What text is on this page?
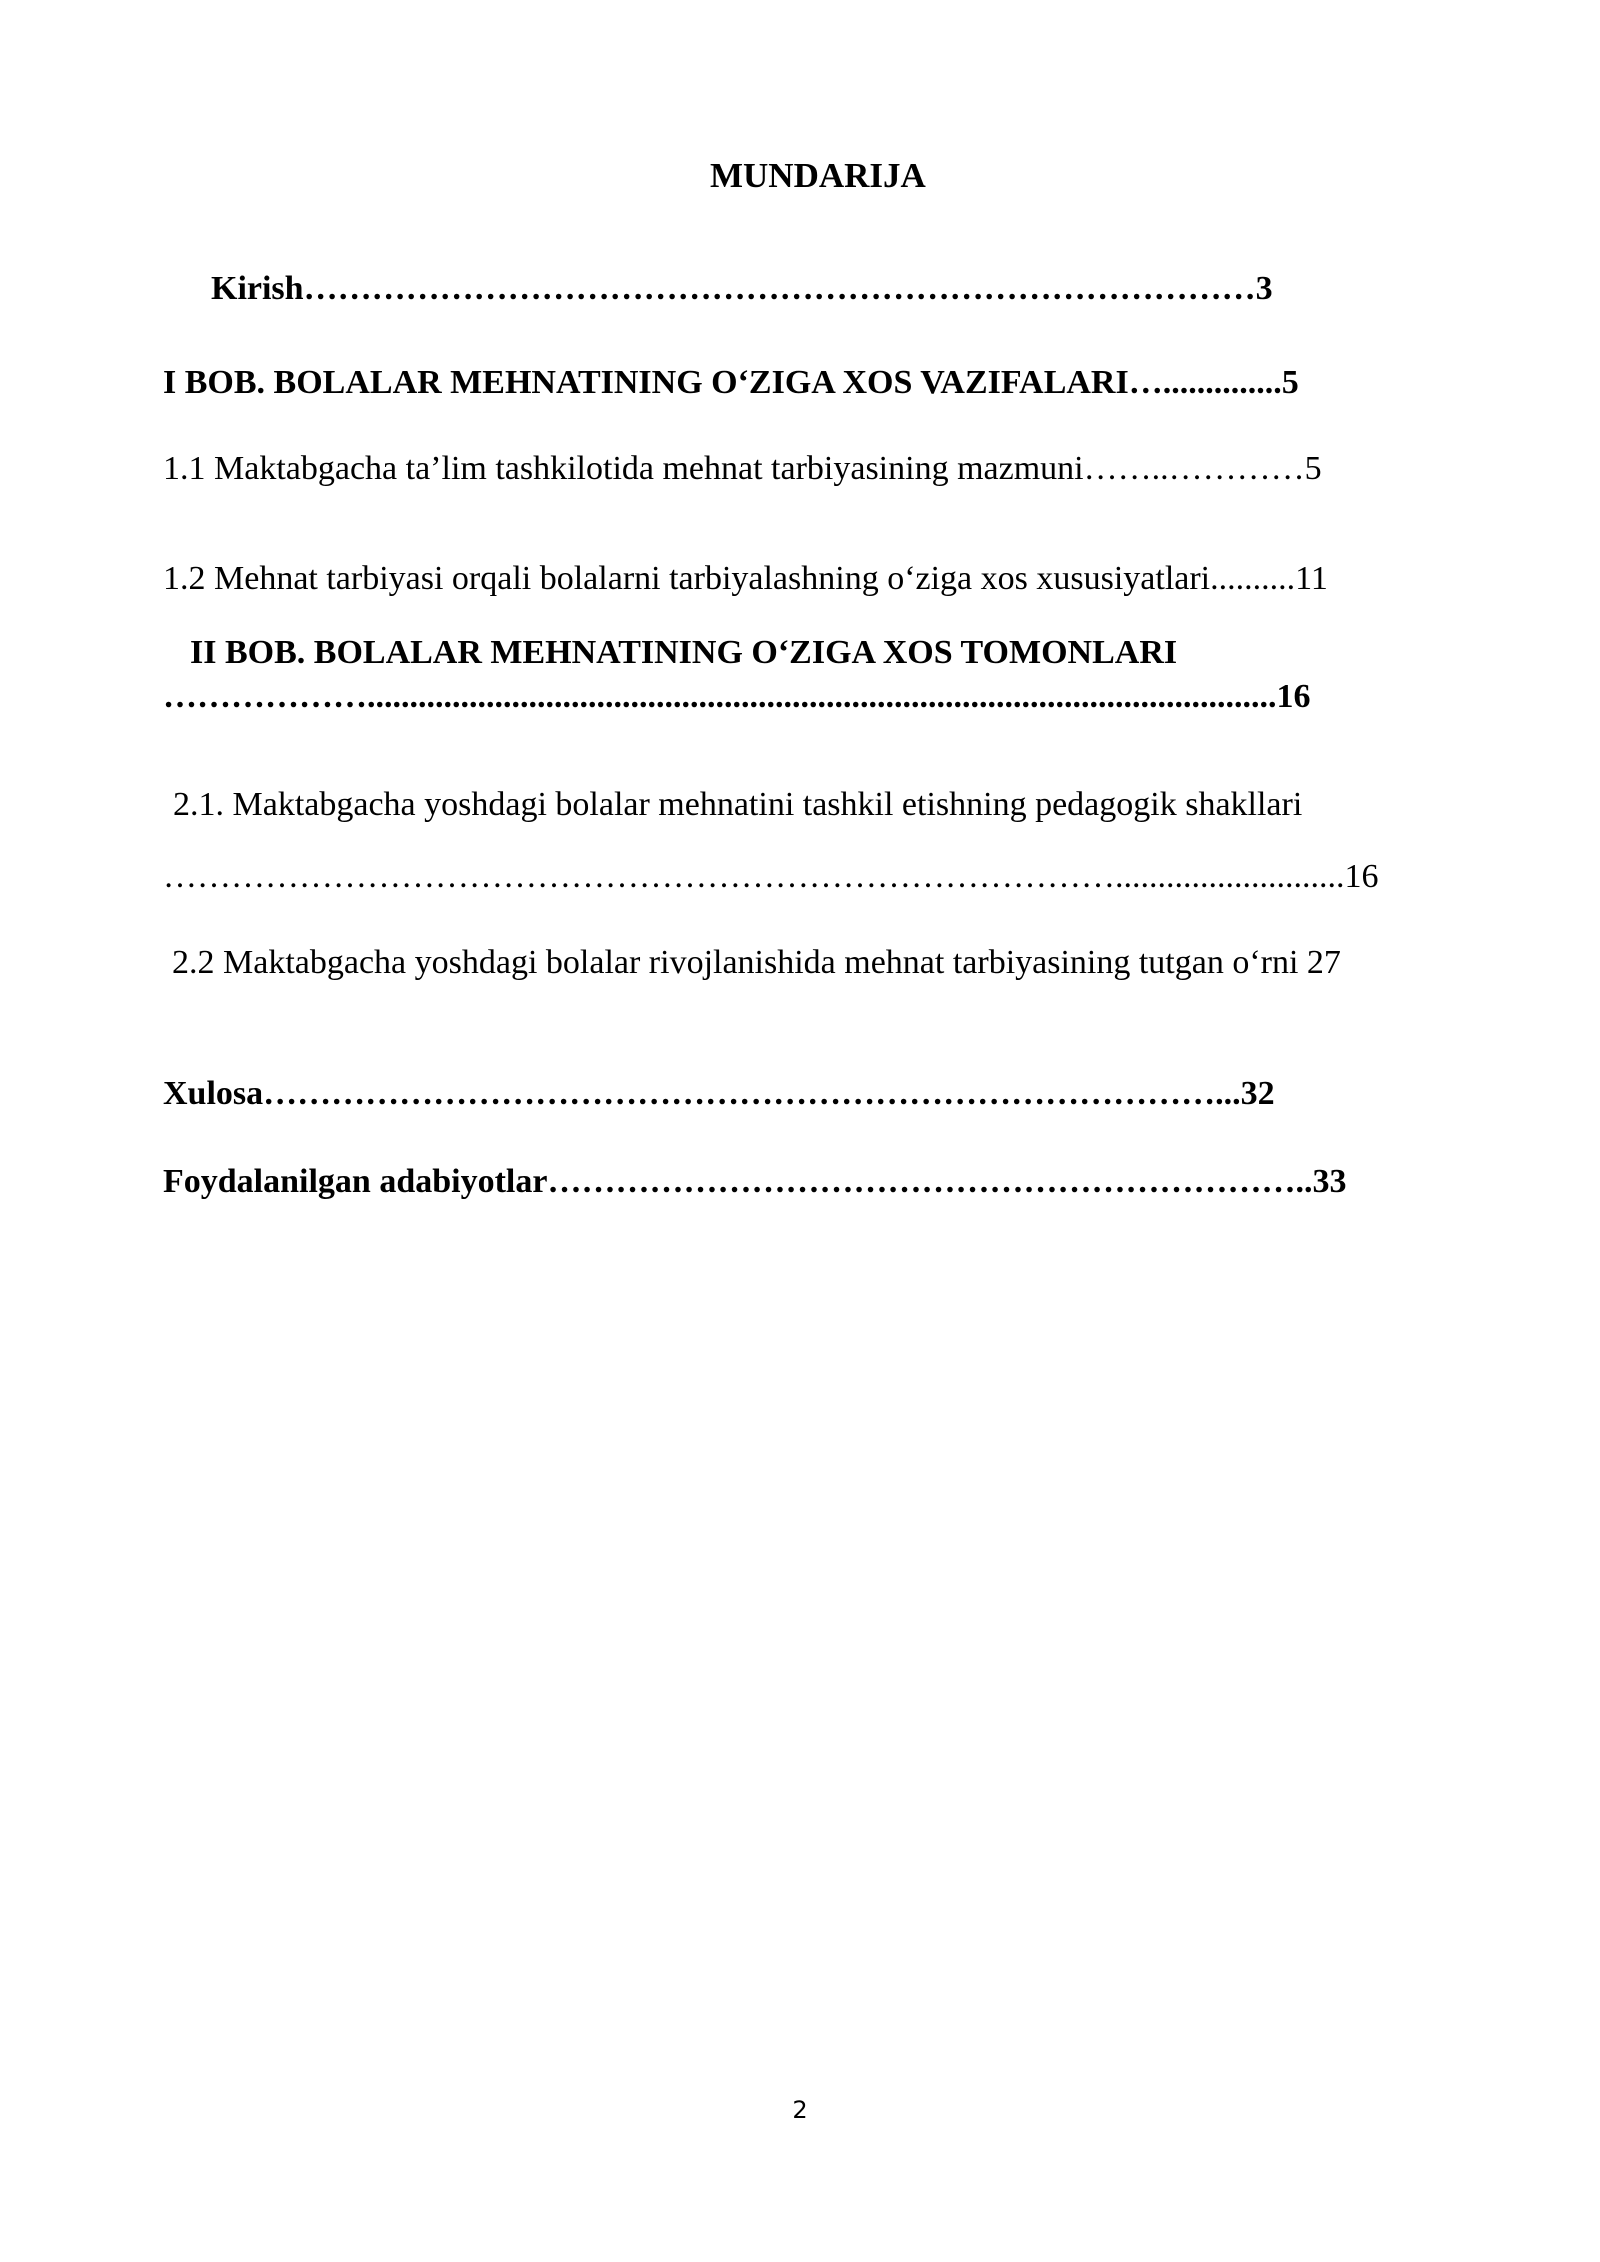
MUNDARIJA
Kirish…………………………………………………………………………3
I BOB. BOLALAR MEHNATINING O‘ZIGA XOS VAZIFALARI…..............5
1.1 Maktabgacha ta’lim tashkilotida mehnat tarbiyasining mazmuni……..…………5
1.2 Mehnat tarbiyasi orqali bolalarni tarbiyalashning o‘ziga xos xususiyatlari..........11
II BOB. BOLALAR MEHNATINING O‘ZIGA XOS TOMONLARI
………………...........................................................................................................16
2.1. Maktabgacha yoshdagi bolalar mehnatini tashkil etishning pedagogik shakllari
…………………………………………………………………………...........................16
2.2 Maktabgacha yoshdagi bolalar rivojlanishida mehnat tarbiyasining tutgan o‘rni 27
Xulosa…………………………………………………………………………...32
Foydalanilgan adabiyotlar…………………………………………………………..33
2
